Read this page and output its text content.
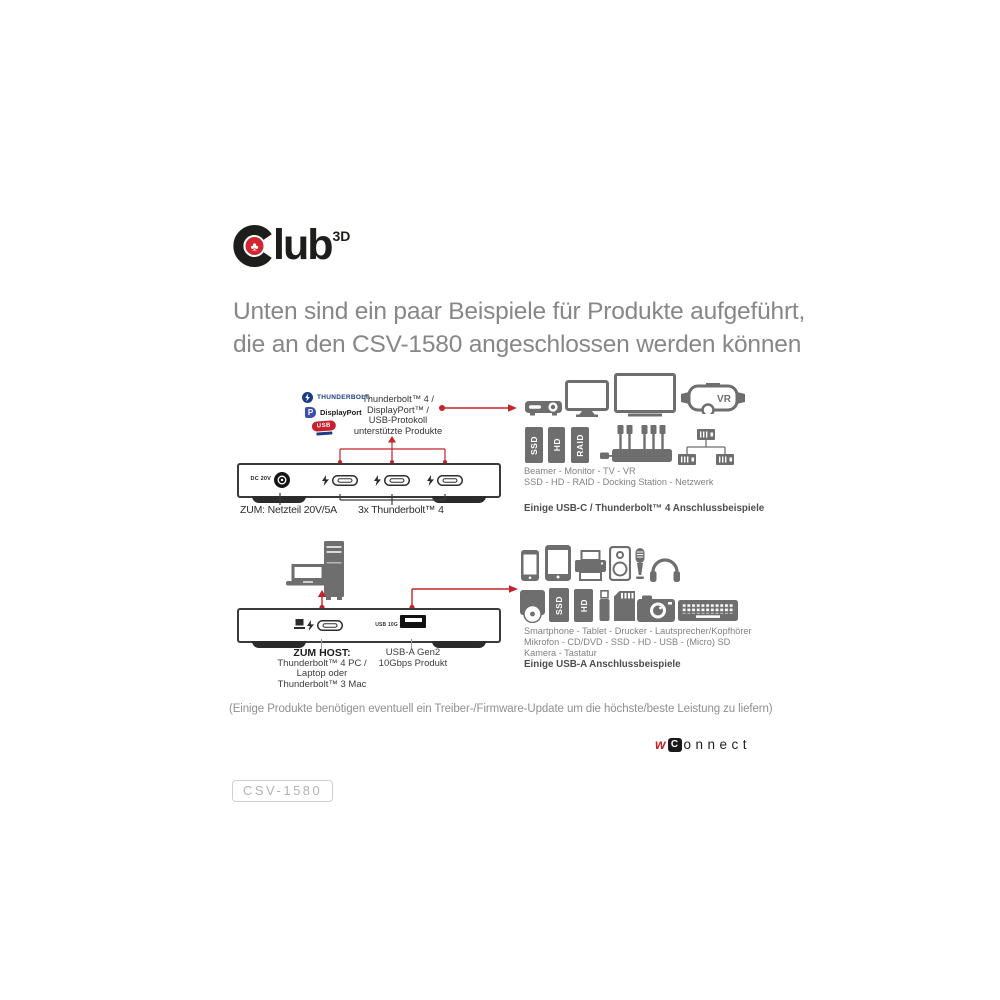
♣ lub 3D
Unten sind ein paar Beispiele für Produkte aufgeführt,
die an den CSV-1580 angeschlossen werden können
THUNDERBOLT.
P DisplayPort
USB
Thunderbolt™ 4 /
DisplayPort™ /
USB-Protokoll
unterstützte Produkte
DC 20V
ZUM: Netzteil 20V/5A 3x Thunderbolt™ 4
VR
SSD HD RAID
Beamer - Monitor - TV - VR
SSD - HD - RAID - Docking Station - Netzwerk
Einige USB-C / Thunderbolt™ 4 Anschlussbeispiele
USB 10G
ZUM HOST:
Thunderbolt™ 4 PC /
Laptop oder
Thunderbolt™ 3 Mac
USB-A Gen2
10Gbps Produkt
SSD HD
Smartphone - Tablet - Drucker - Lautsprecher/Kopfhörer
Mikrofon - CD/DVD - SSD - HD - USB - (Micro) SD
Kamera - Tastatur
Einige USB-A Anschlussbeispiele
(Einige Produkte benötigen eventuell ein Treiber-/Firmware-Update um die höchste/beste Leistung zu liefern)
w C onnect
CSV-1580
